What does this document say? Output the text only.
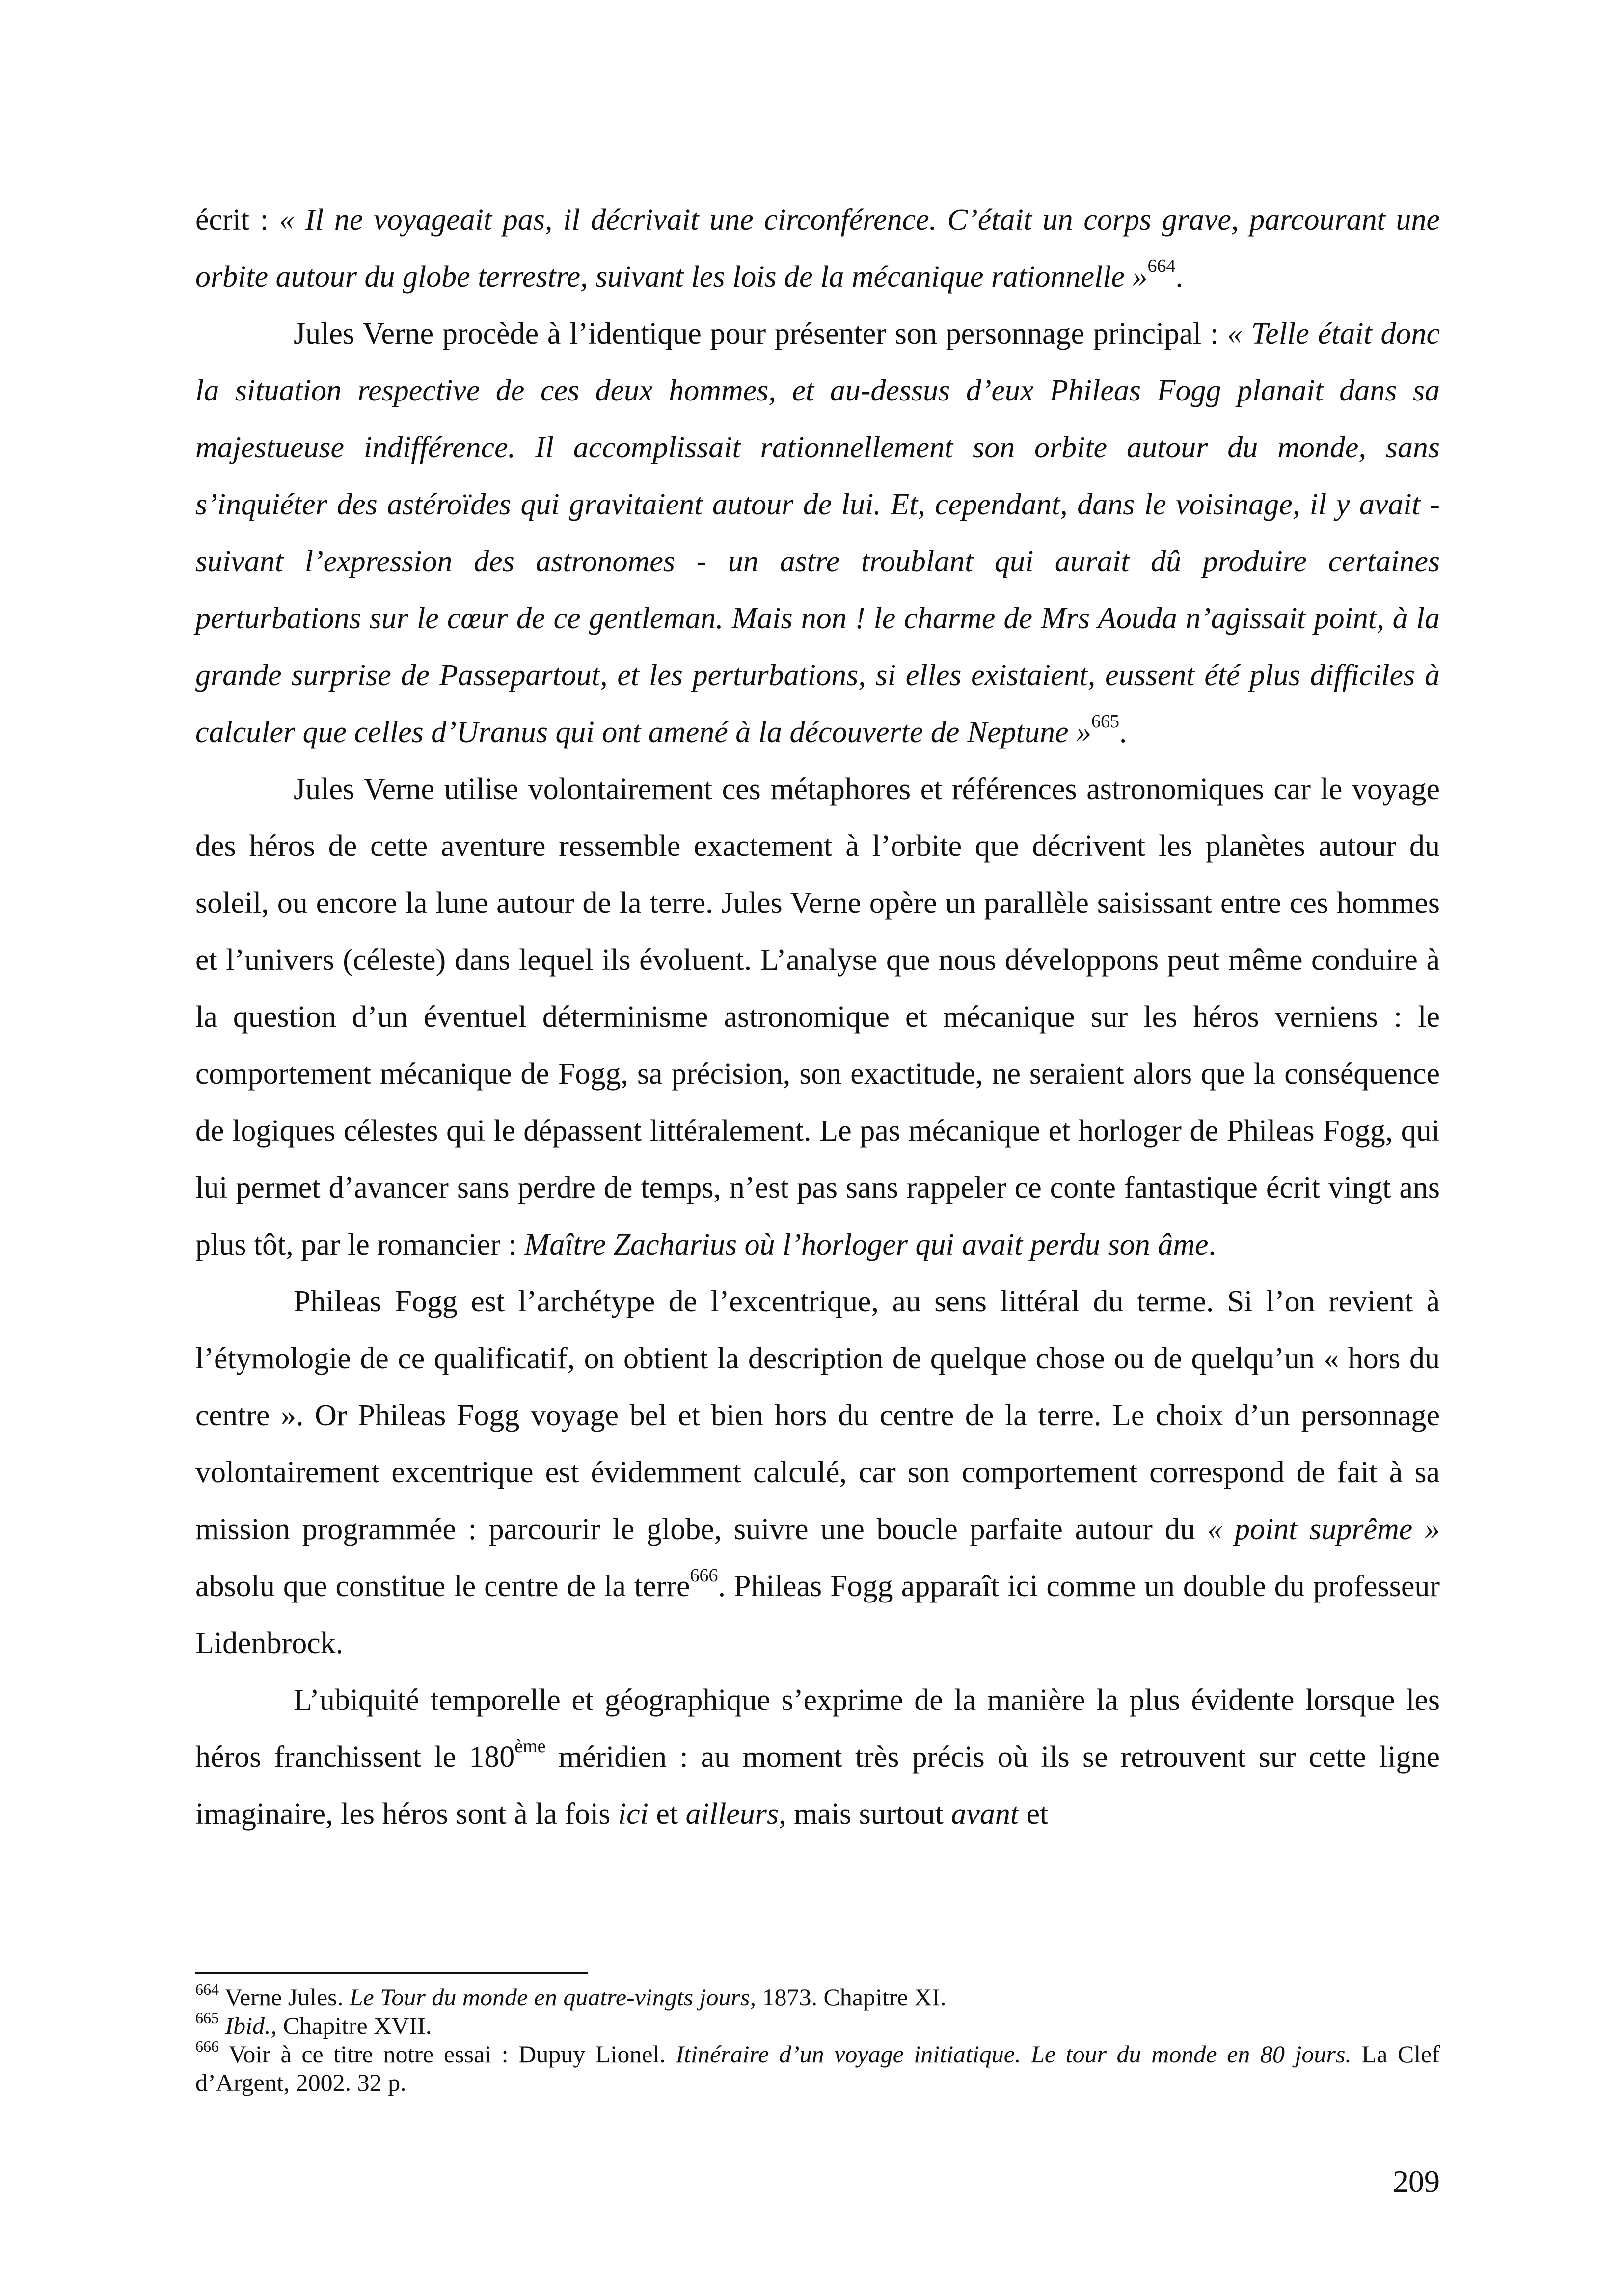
écrit : « Il ne voyageait pas, il décrivait une circonférence. C’était un corps grave, parcourant une orbite autour du globe terrestre, suivant les lois de la mécanique rationnelle »$^{664}$.

Jules Verne procède à l’identique pour présenter son personnage principal : « Telle était donc la situation respective de ces deux hommes, et au-dessus d’eux Phileas Fogg planait dans sa majestueuse indifférence. Il accomplissait rationnellement son orbite autour du monde, sans s’inquiéter des astéroïdes qui gravitaient autour de lui. Et, cependant, dans le voisinage, il y avait - suivant l’expression des astronomes - un astre troublant qui aurait dû produire certaines perturbations sur le cœur de ce gentleman. Mais non ! le charme de Mrs Aouda n’agissait point, à la grande surprise de Passepartout, et les perturbations, si elles existaient, eussent été plus difficiles à calculer que celles d’Uranus qui ont amené à la découverte de Neptune »$^{665}$.

Jules Verne utilise volontairement ces métaphores et références astronomiques car le voyage des héros de cette aventure ressemble exactement à l’orbite que décrivent les planètes autour du soleil, ou encore la lune autour de la terre. Jules Verne opère un parallèle saisissant entre ces hommes et l’univers (céleste) dans lequel ils évoluent. L’analyse que nous développons peut même conduire à la question d’un éventuel déterminisme astronomique et mécanique sur les héros verniens : le comportement mécanique de Fogg, sa précision, son exactitude, ne seraient alors que la conséquence de logiques célestes qui le dépassent littéralement. Le pas mécanique et horloger de Phileas Fogg, qui lui permet d’avancer sans perdre de temps, n’est pas sans rappeler ce conte fantastique écrit vingt ans plus tôt, par le romancier : Maître Zacharius où l’horloger qui avait perdu son âme.

Phileas Fogg est l’archétype de l’excentrique, au sens littéral du terme. Si l’on revient à l’étymologie de ce qualificatif, on obtient la description de quelque chose ou de quelqu’un « hors du centre ». Or Phileas Fogg voyage bel et bien hors du centre de la terre. Le choix d’un personnage volontairement excentrique est évidemment calculé, car son comportement correspond de fait à sa mission programmée : parcourir le globe, suivre une boucle parfaite autour du « point suprême » absolu que constitue le centre de la terre$^{666}$. Phileas Fogg apparaît ici comme un double du professeur Lidenbrock.

L’ubiquité temporelle et géographique s’exprime de la manière la plus évidente lorsque les héros franchissent le 180ème méridien : au moment très précis où ils se retrouvent sur cette ligne imaginaire, les héros sont à la fois ici et ailleurs, mais surtout avant et

$^{664}$ Verne Jules. Le Tour du monde en quatre-vingts jours, 1873. Chapitre XI.

$^{665}$ Ibid., Chapitre XVII.

$^{666}$ Voir à ce titre notre essai : Dupuy Lionel. Itinéraire d’un voyage initiatique. Le tour du monde en 80 jours. La Clef d’Argent, 2002. 32 p.

209
